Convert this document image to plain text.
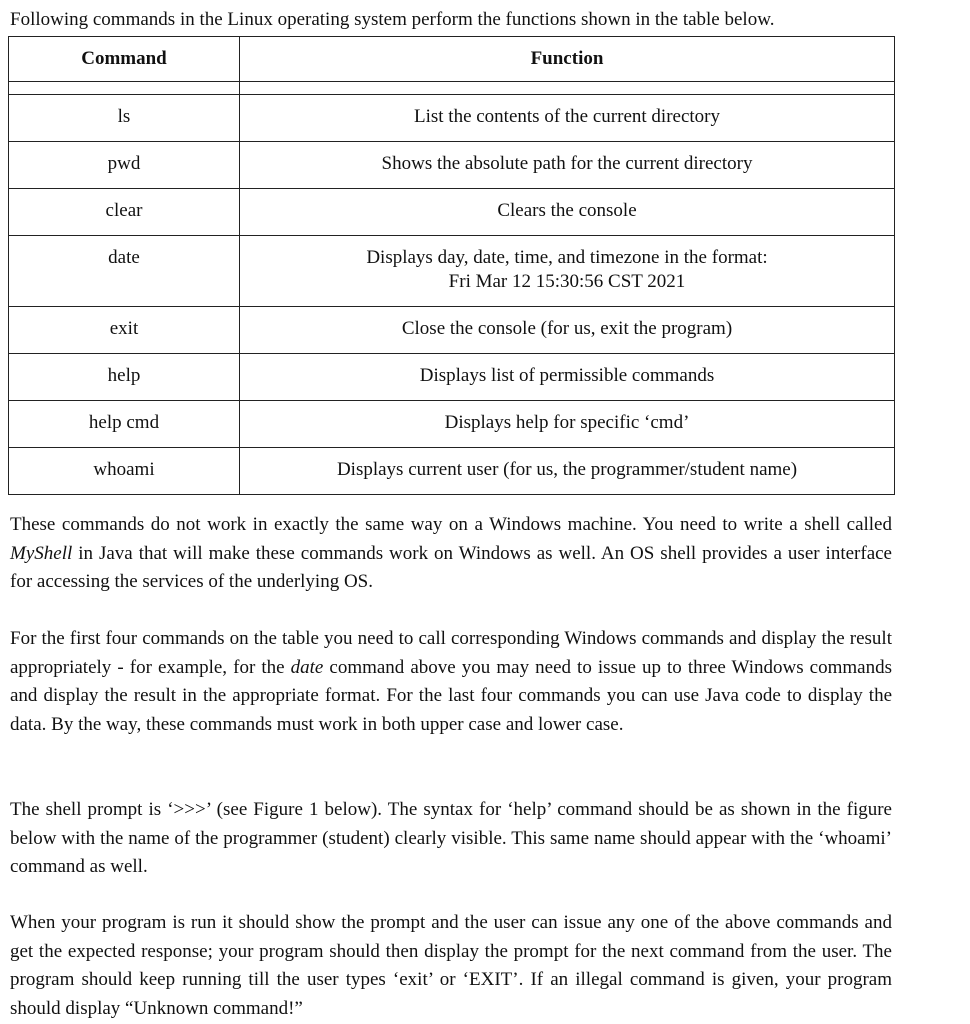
Following commands in the Linux operating system perform the functions shown in the table below.

Command	Function

ls	List the contents of the current directory
pwd	Shows the absolute path for the current directory
clear	Clears the console
date	Displays day, date, time, and timezone in the format:
Fri Mar 12 15:30:56 CST 2021

exit	Close the console (for us, exit the program)
help	Displays list of permissible commands
help cmd	Displays help for specific ‘cmd’
whoami	Displays current user (for us, the programmer/student name)

These commands do not work in exactly the same way on a Windows machine. You need to write a shell called MyShell in Java that will make these commands work on Windows as well. An OS shell provides a user interface for accessing the services of the underlying OS.

For the first four commands on the table you need to call corresponding Windows commands and display the result appropriately - for example, for the date command above you may need to issue up to three Windows commands and display the result in the appropriate format. For the last four commands you can use Java code to display the data. By the way, these commands must work in both upper case and lower case.

The shell prompt is ‘>>>’ (see Figure 1 below). The syntax for ‘help’ command should be as shown in the figure below with the name of the programmer (student) clearly visible. This same name should appear with the ‘whoami’ command as well.

When your program is run it should show the prompt and the user can issue any one of the above commands and get the expected response; your program should then display the prompt for the next command from the user. The program should keep running till the user types ‘exit’ or ‘EXIT’. If an illegal command is given, your program should display “Unknown command!”
